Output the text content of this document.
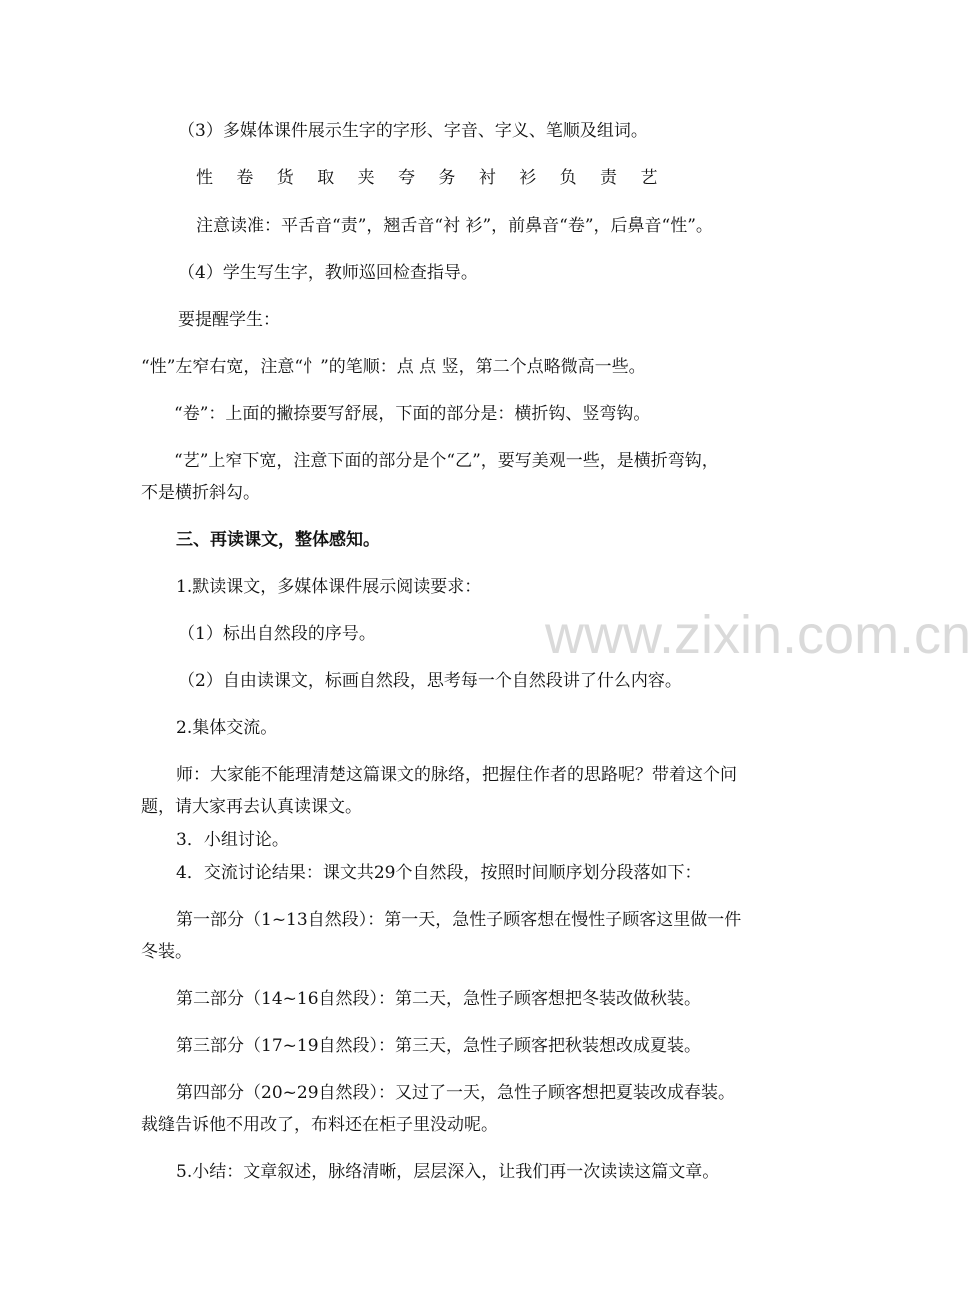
www.zixin.com.cn
（3）多媒体课件展示生字的字形、字音、字义、笔顺及组词。
性 卷 货 取 夹 夸 务 衬 衫 负 责 艺
注意读准：平舌音“责”，翘舌音“衬 衫”，前鼻音“卷”，后鼻音“性”。
（4）学生写生字，教师巡回检查指导。
要提醒学生：
“性”左窄右宽，注意“忄”的笔顺：点 点 竖，第二个点略微高一些。
“卷”：上面的撇捺要写舒展，下面的部分是：横折钩、竖弯钩。
“艺”上窄下宽，注意下面的部分是个“乙”，要写美观一些，是横折弯钩，
不是横折斜勾。
三、再读课文，整体感知。
1.默读课文，多媒体课件展示阅读要求：
（1）标出自然段的序号。
（2）自由读课文，标画自然段，思考每一个自然段讲了什么内容。
2.集体交流。
师：大家能不能理清楚这篇课文的脉络，把握住作者的思路呢？带着这个问
题，请大家再去认真读课文。
3．小组讨论。
4．交流讨论结果：课文共29个自然段，按照时间顺序划分段落如下：
第一部分（1~13自然段）：第一天，急性子顾客想在慢性子顾客这里做一件
冬装。
第二部分（14~16自然段）：第二天，急性子顾客想把冬装改做秋装。
第三部分（17~19自然段）：第三天，急性子顾客把秋装想改成夏装。
第四部分（20~29自然段）：又过了一天，急性子顾客想把夏装改成春装。
裁缝告诉他不用改了，布料还在柜子里没动呢。
5.小结：文章叙述，脉络清晰，层层深入，让我们再一次读读这篇文章。
